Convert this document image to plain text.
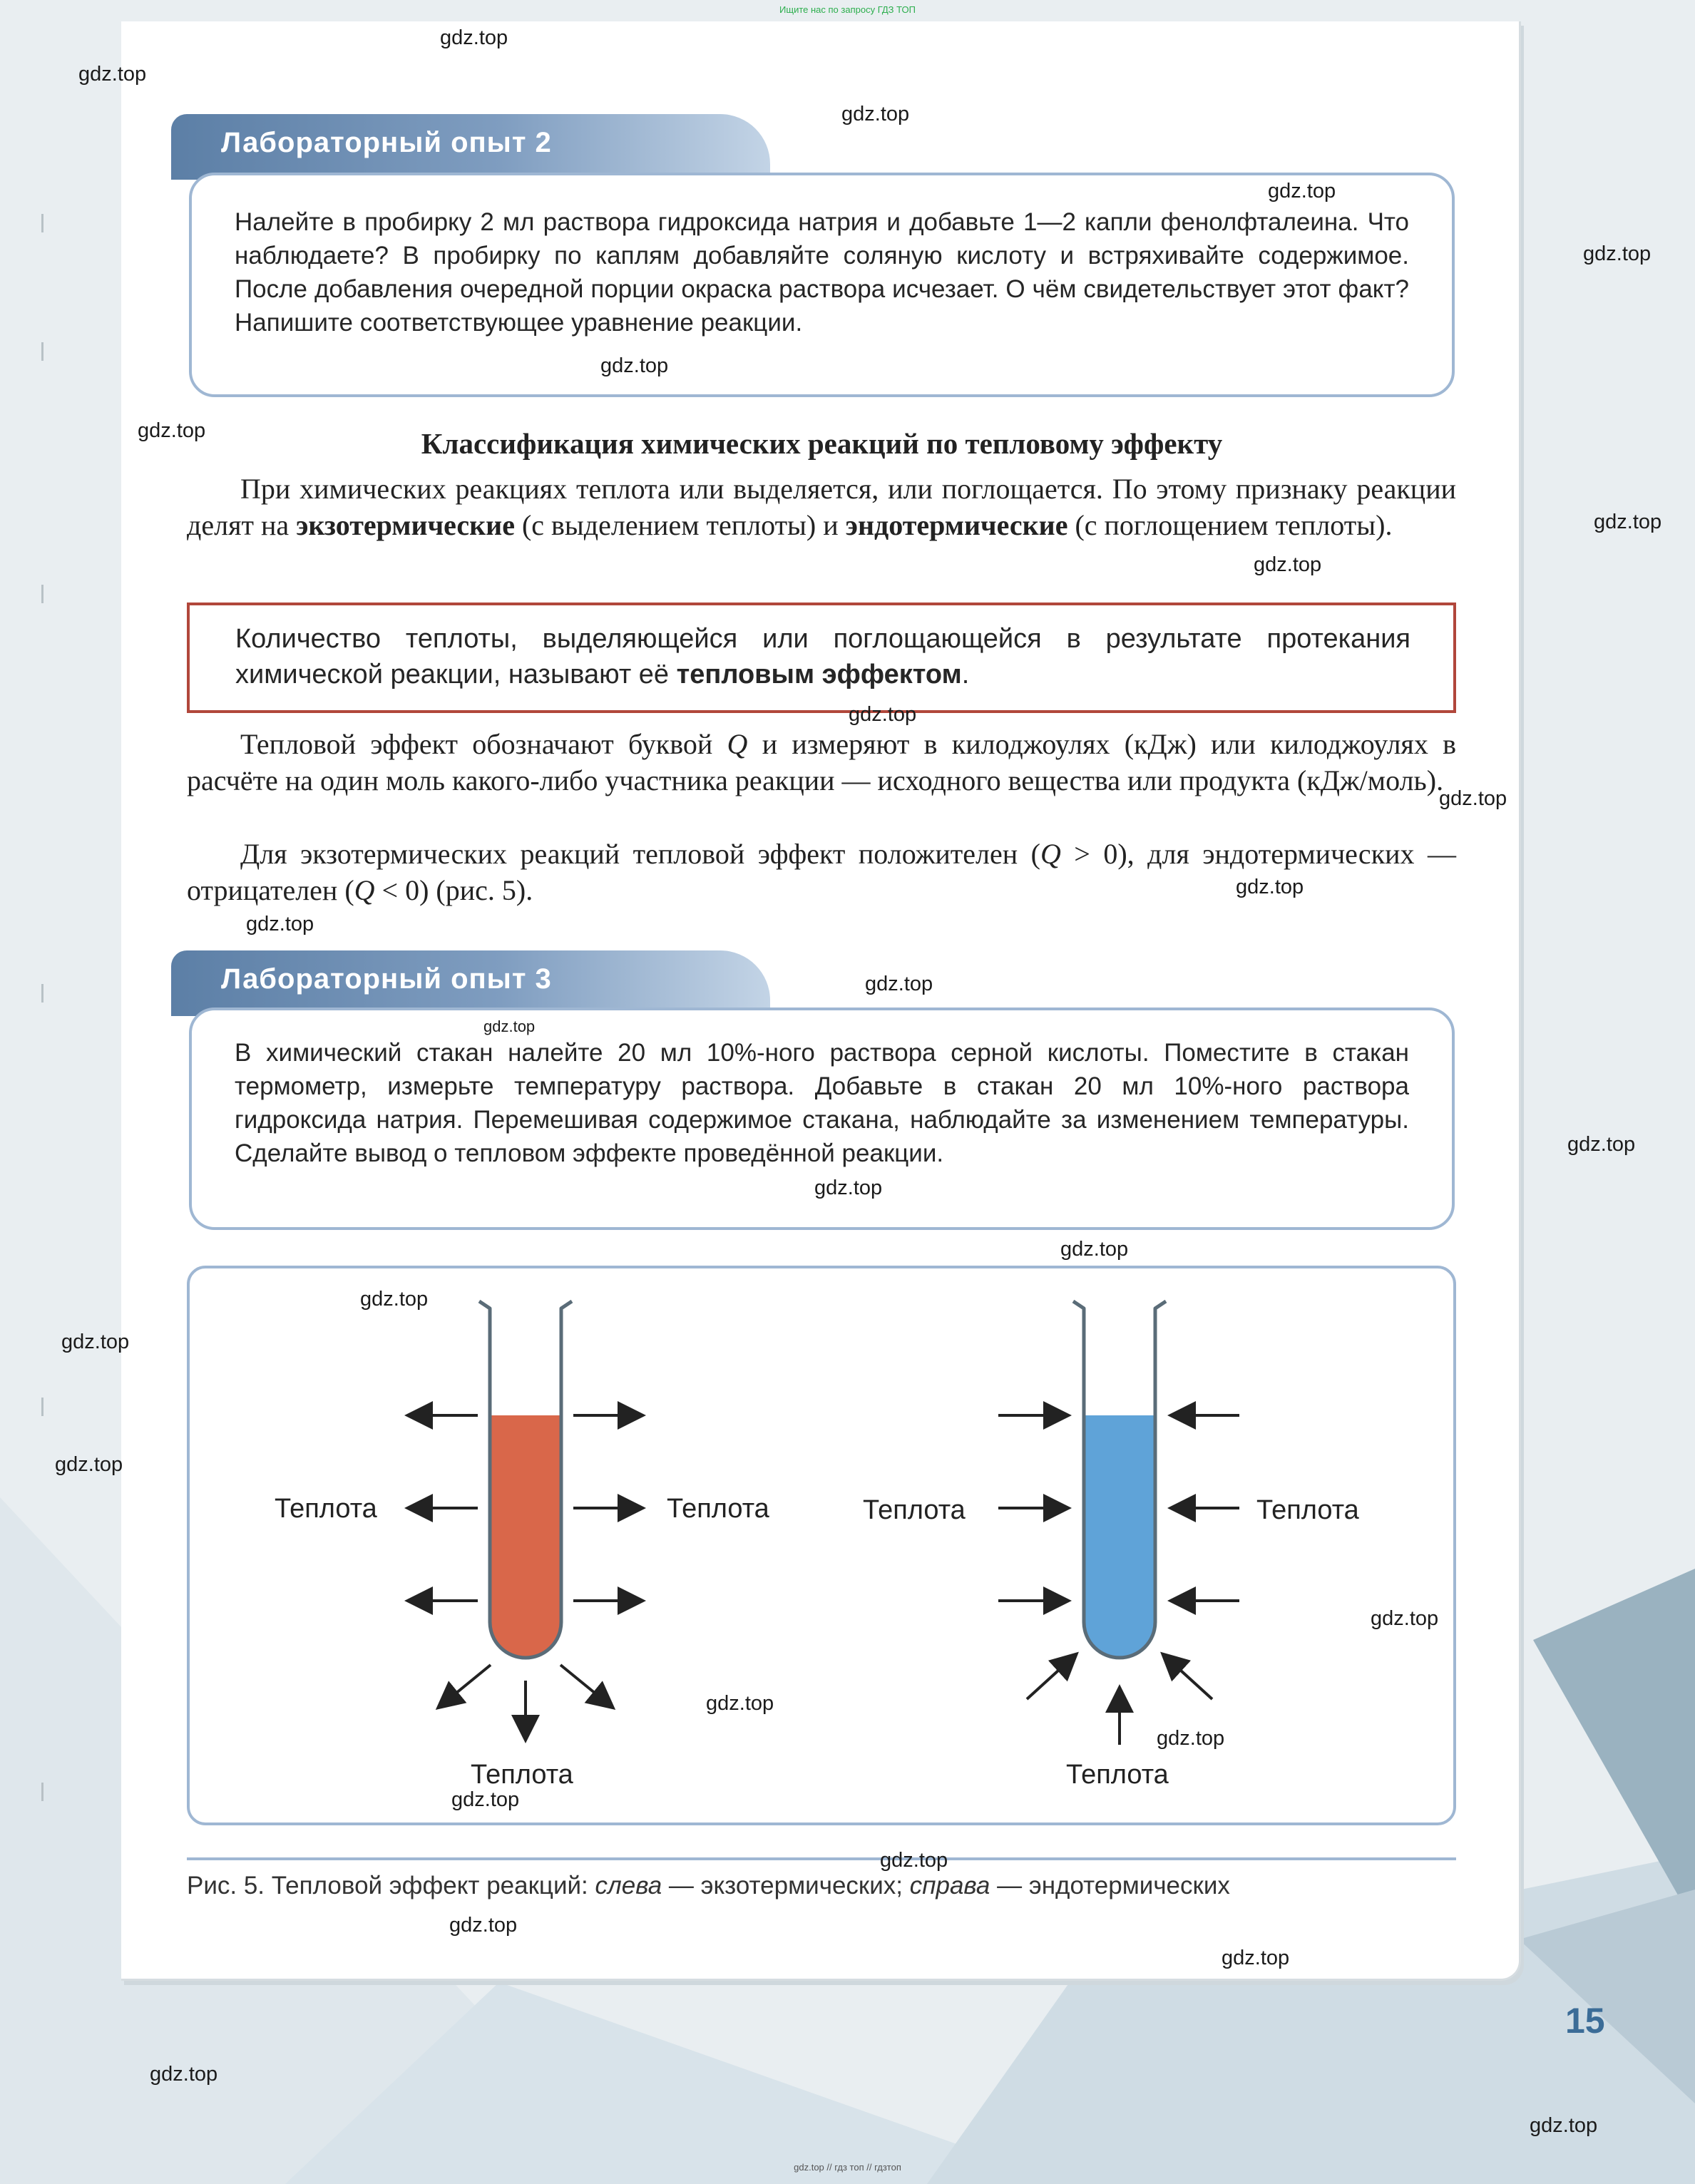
Ищите нас по запросу ГДЗ ТОП
Лабораторный опыт 2
Налейте в пробирку 2 мл раствора гидроксида натрия и добавьте 1—2 капли фенолфталеина. Что наблюдаете? В пробирку по каплям добавляйте соляную кислоту и встряхивайте содержимое. После добавления очередной порции окраска раствора исчезает. О чём свидетельствует этот факт? Напишите соответствующее уравнение реакции.
Классификация химических реакций по тепловому эффекту
При химических реакциях теплота или выделяется, или поглощается. По этому признаку реакции делят на экзотермические (с выделением теплоты) и эндотермические (с поглощением теплоты).
Количество теплоты, выделяющейся или поглощающейся в результате протекания химической реакции, называют её тепловым эффектом.
Тепловой эффект обозначают буквой Q и измеряют в килоджоулях (кДж) или килоджоулях в расчёте на один моль какого-либо участника реакции — исходного вещества или продукта (кДж/моль).
Для экзотермических реакций тепловой эффект положителен (Q > 0), для эндотермических — отрицателен (Q < 0) (рис. 5).
Лабораторный опыт 3
В химический стакан налейте 20 мл 10%-ного раствора серной кислоты. Поместите в стакан термометр, измерьте температуру раствора. Добавьте в стакан 20 мл 10%-ного раствора гидроксида натрия. Перемешивая содержимое стакана, наблюдайте за изменением температуры. Сделайте вывод о тепловом эффекте проведённой реакции.
Теплота	Теплота
Теплота
Теплота	Теплота
Теплота
Рис. 5. Тепловой эффект реакций: слева — экзотермических; справа — эндотермических
15
gdz.top
gdz.top
gdz.top
gdz.top
gdz.top
gdz.top
gdz.top
gdz.top
gdz.top
gdz.top
gdz.top
gdz.top
gdz.top
gdz.top
gdz.top
gdz.top
gdz.top
gdz.top
gdz.top
gdz.top
gdz.top
gdz.top
gdz.top
gdz.top
gdz.top
gdz.top
gdz.top
gdz.top
gdz.top
gdz.top
gdz.top // гдз топ // гдзтоп
